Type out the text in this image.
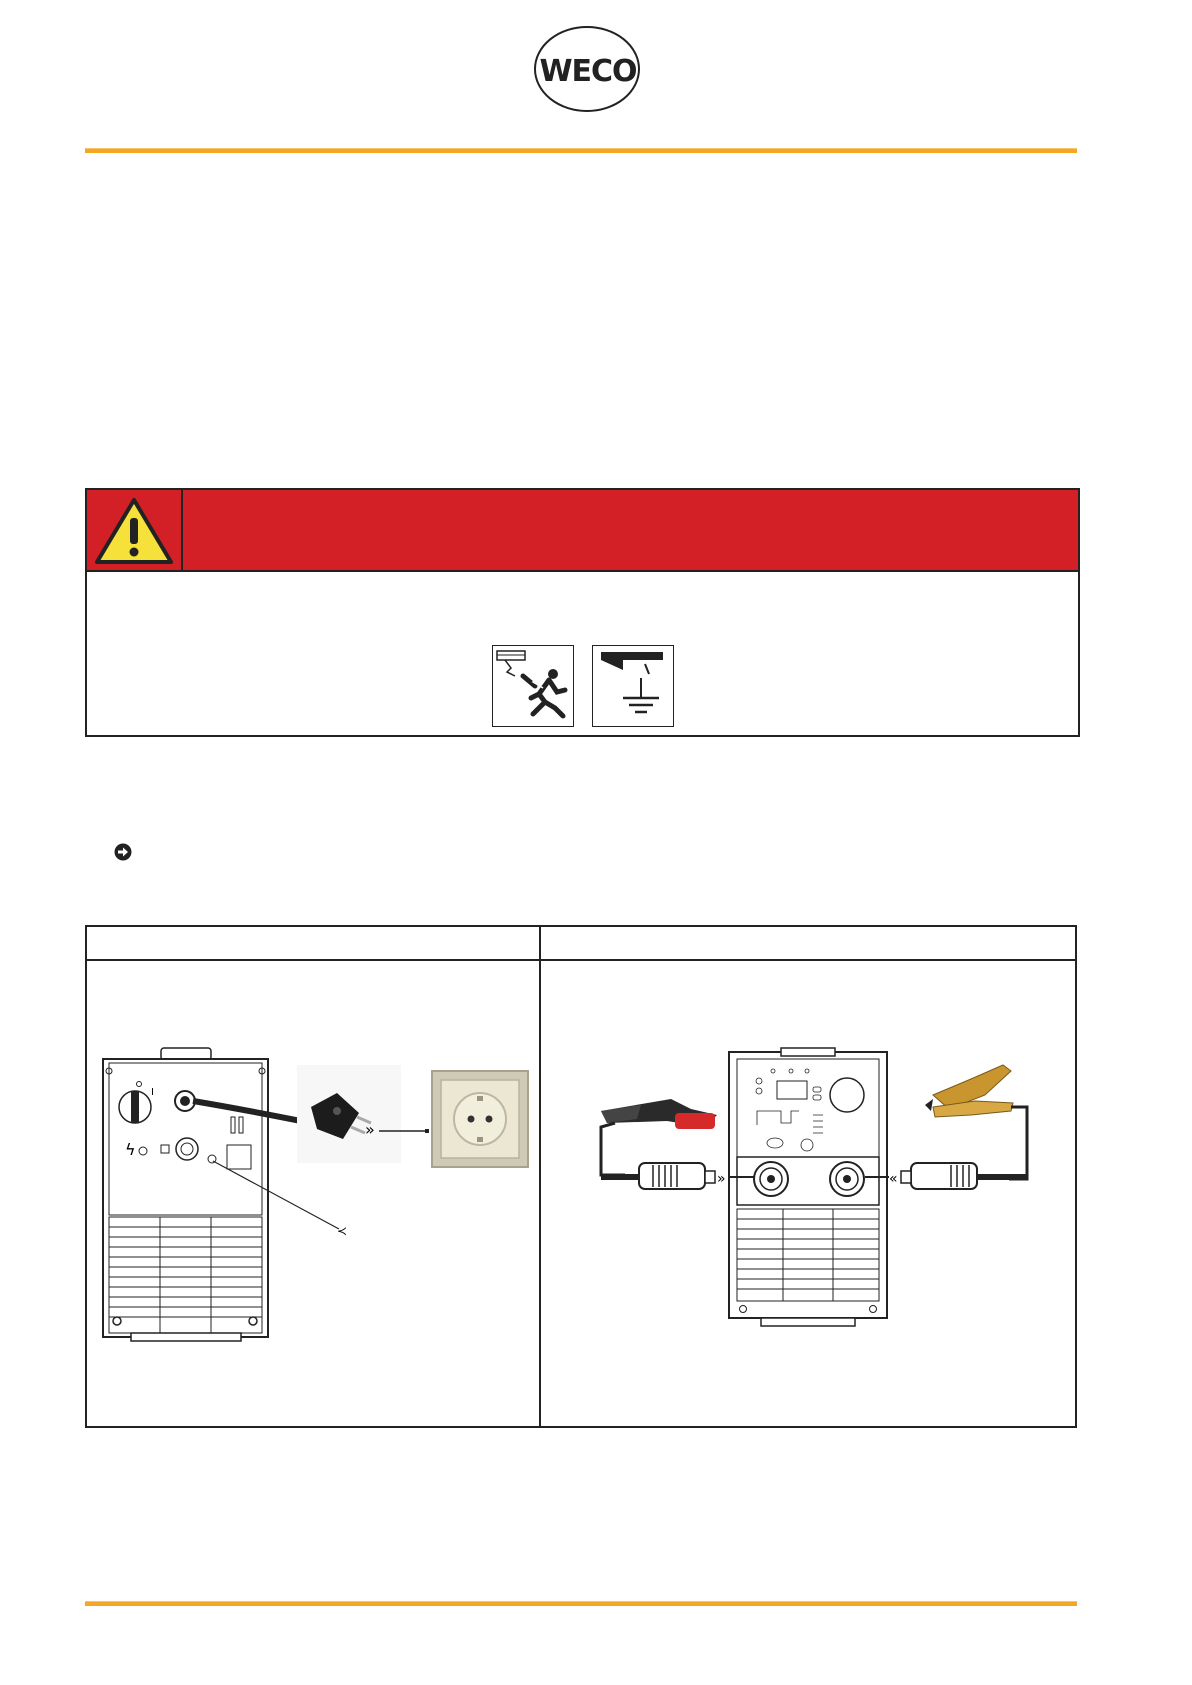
WECO
I
»
ϟ
≺
»	«
